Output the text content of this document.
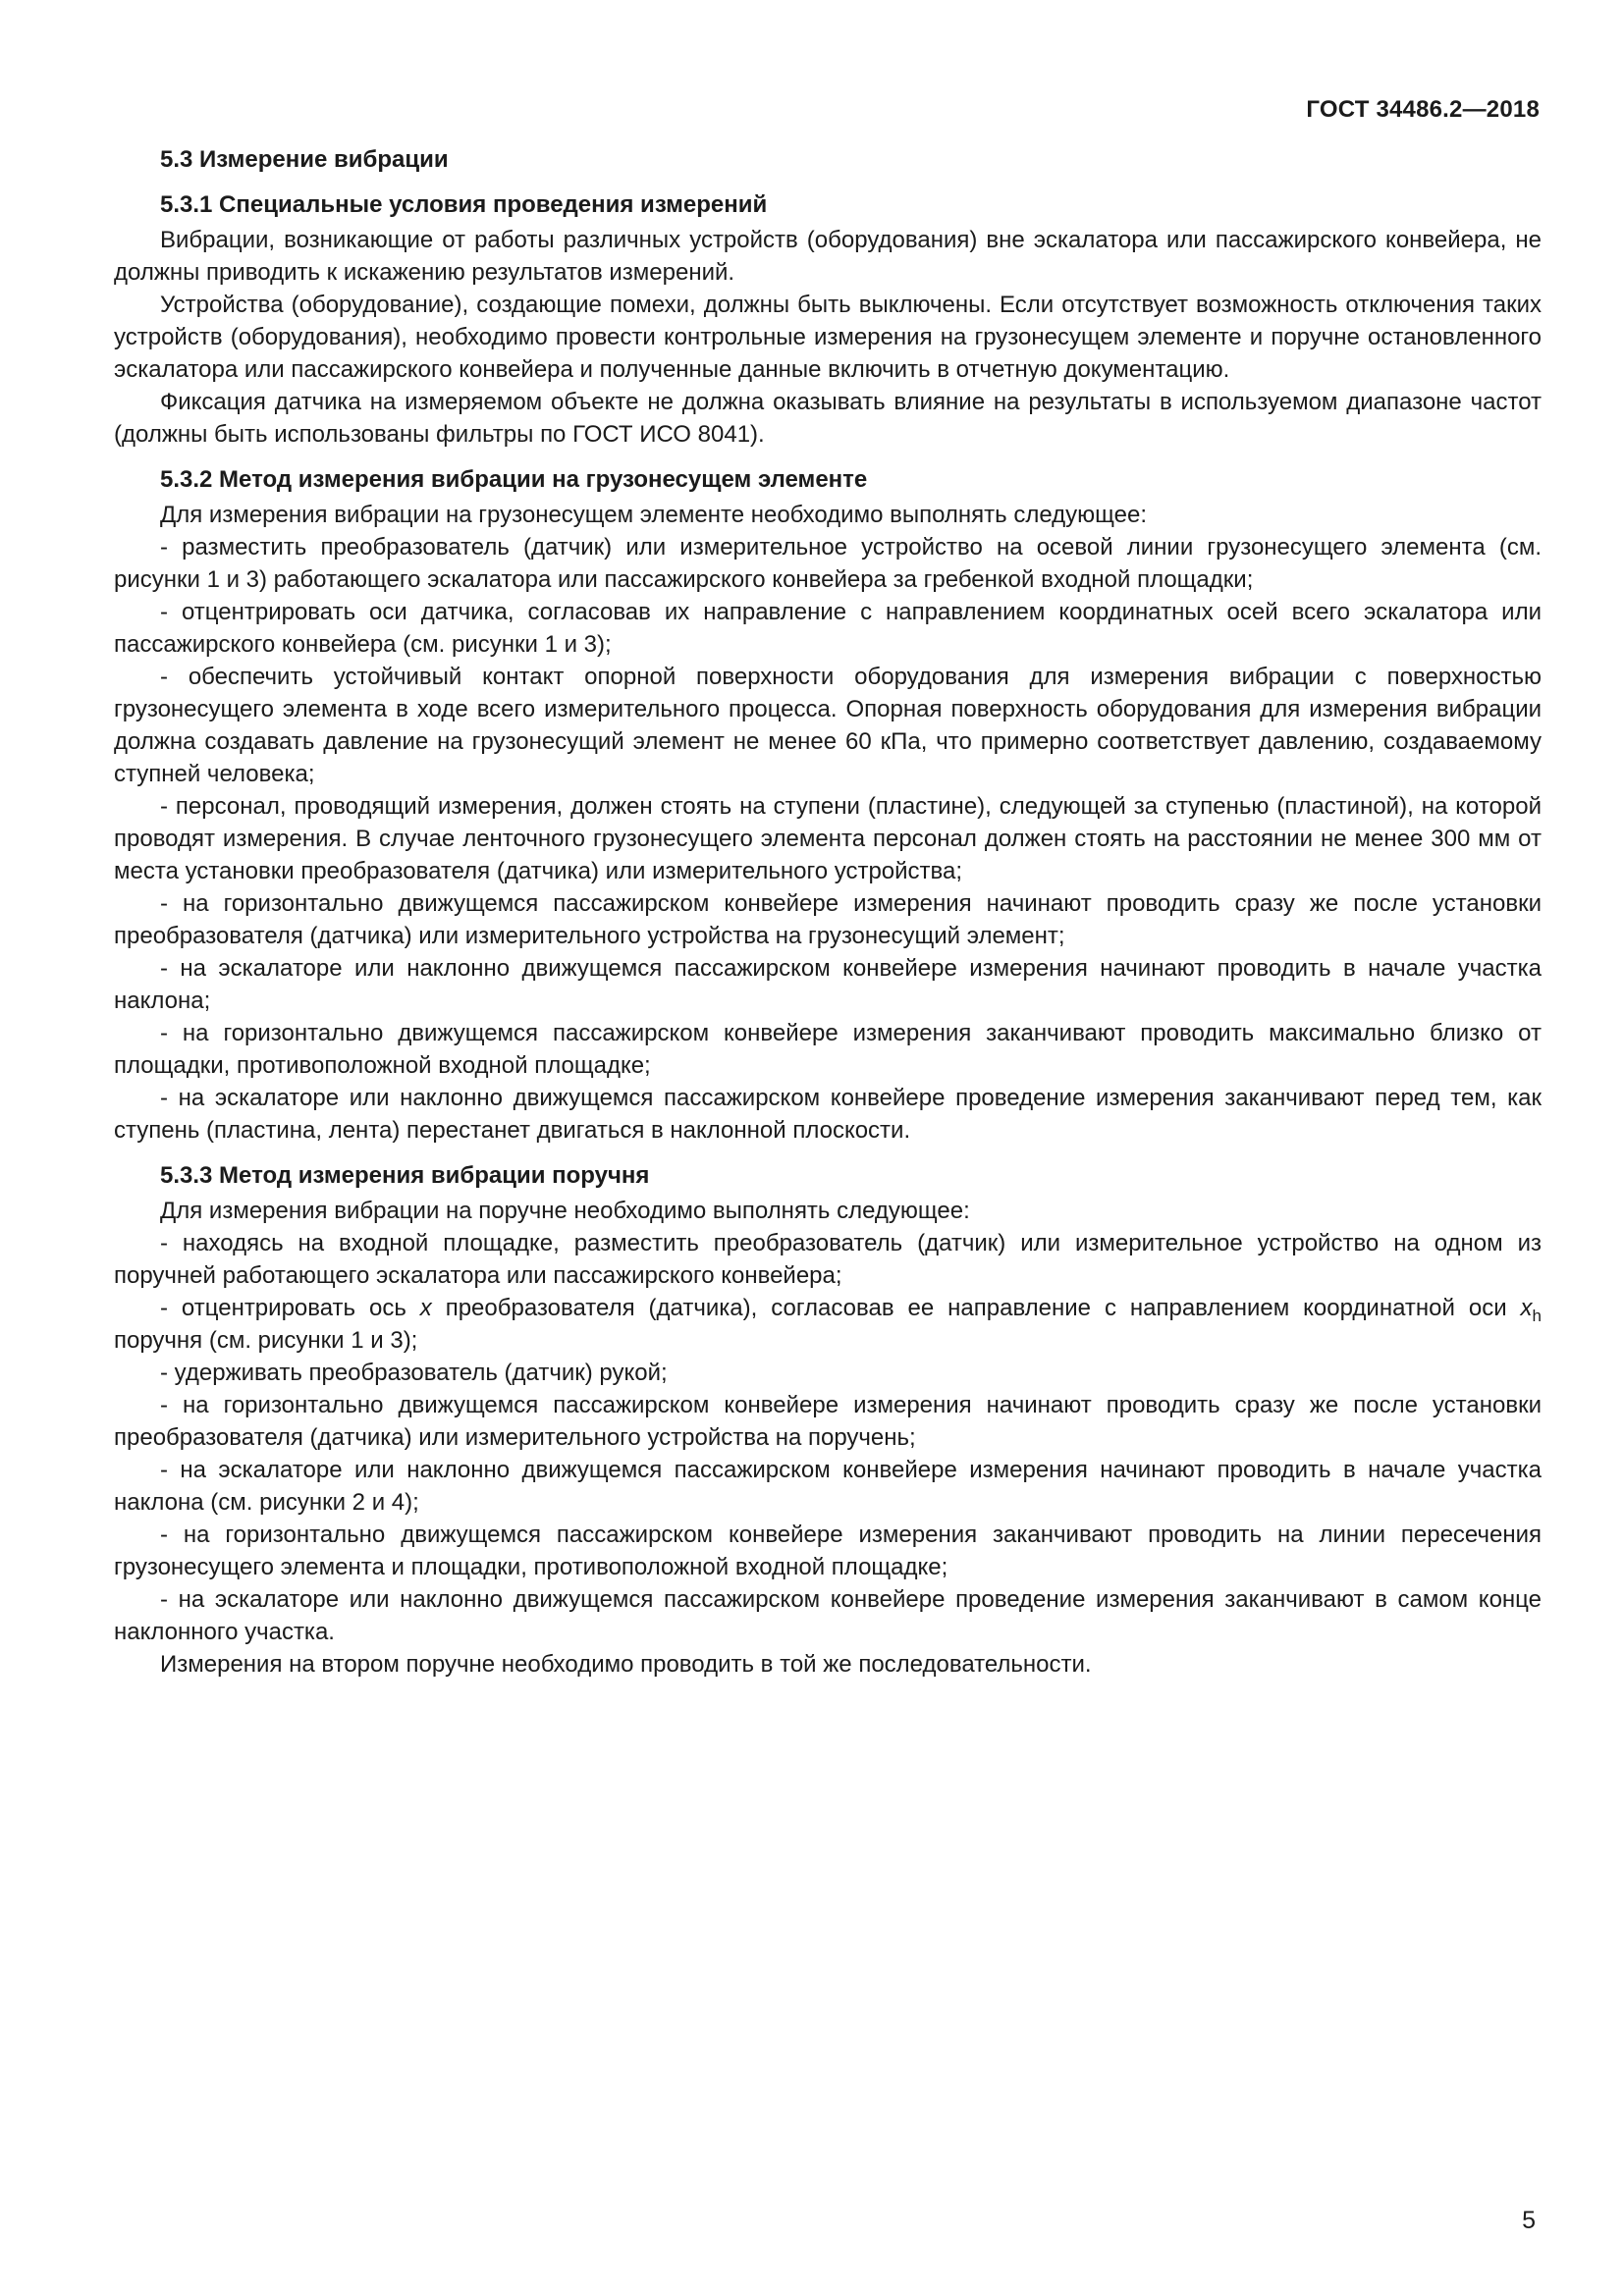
ГОСТ 34486.2—2018
5.3 Измерение вибрации
5.3.1 Специальные условия проведения измерений

Вибрации, возникающие от работы различных устройств (оборудования) вне эскалатора или пассажирского конвейера, не должны приводить к искажению результатов измерений.

Устройства (оборудование), создающие помехи, должны быть выключены. Если отсутствует возможность отключения таких устройств (оборудования), необходимо провести контрольные измерения на грузонесущем элементе и поручне остановленного эскалатора или пассажирского конвейера и полученные данные включить в отчетную документацию.

Фиксация датчика на измеряемом объекте не должна оказывать влияние на результаты в используемом диапазоне частот (должны быть использованы фильтры по ГОСТ ИСО 8041).

5.3.2 Метод измерения вибрации на грузонесущем элементе

Для измерения вибрации на грузонесущем элементе необходимо выполнять следующее:

- разместить преобразователь (датчик) или измерительное устройство на осевой линии грузонесущего элемента (см. рисунки 1 и 3) работающего эскалатора или пассажирского конвейера за гребенкой входной площадки;

- отцентрировать оси датчика, согласовав их направление с направлением координатных осей всего эскалатора или пассажирского конвейера (см. рисунки 1 и 3);

- обеспечить устойчивый контакт опорной поверхности оборудования для измерения вибрации с поверхностью грузонесущего элемента в ходе всего измерительного процесса. Опорная поверхность оборудования для измерения вибрации должна создавать давление на грузонесущий элемент не менее 60 кПа, что примерно соответствует давлению, создаваемому ступней человека;

- персонал, проводящий измерения, должен стоять на ступени (пластине), следующей за ступенью (пластиной), на которой проводят измерения. В случае ленточного грузонесущего элемента персонал должен стоять на расстоянии не менее 300 мм от места установки преобразователя (датчика) или измерительного устройства;

- на горизонтально движущемся пассажирском конвейере измерения начинают проводить сразу же после установки преобразователя (датчика) или измерительного устройства на грузонесущий элемент;

- на эскалаторе или наклонно движущемся пассажирском конвейере измерения начинают проводить в начале участка наклона;

- на горизонтально движущемся пассажирском конвейере измерения заканчивают проводить максимально близко от площадки, противоположной входной площадке;

- на эскалаторе или наклонно движущемся пассажирском конвейере проведение измерения заканчивают перед тем, как ступень (пластина, лента) перестанет двигаться в наклонной плоскости.

5.3.3 Метод измерения вибрации поручня

Для измерения вибрации на поручне необходимо выполнять следующее:

- находясь на входной площадке, разместить преобразователь (датчик) или измерительное устройство на одном из поручней работающего эскалатора или пассажирского конвейера;

- отцентрировать ось x преобразователя (датчика), согласовав ее направление с направлением координатной оси $x_h$ поручня (см. рисунки 1 и 3);

- удерживать преобразователь (датчик) рукой;

- на горизонтально движущемся пассажирском конвейере измерения начинают проводить сразу же после установки преобразователя (датчика) или измерительного устройства на поручень;

- на эскалаторе или наклонно движущемся пассажирском конвейере измерения начинают проводить в начале участка наклона (см. рисунки 2 и 4);

- на горизонтально движущемся пассажирском конвейере измерения заканчивают проводить на линии пересечения грузонесущего элемента и площадки, противоположной входной площадке;

- на эскалаторе или наклонно движущемся пассажирском конвейере проведение измерения заканчивают в самом конце наклонного участка.

Измерения на втором поручне необходимо проводить в той же последовательности.

5
